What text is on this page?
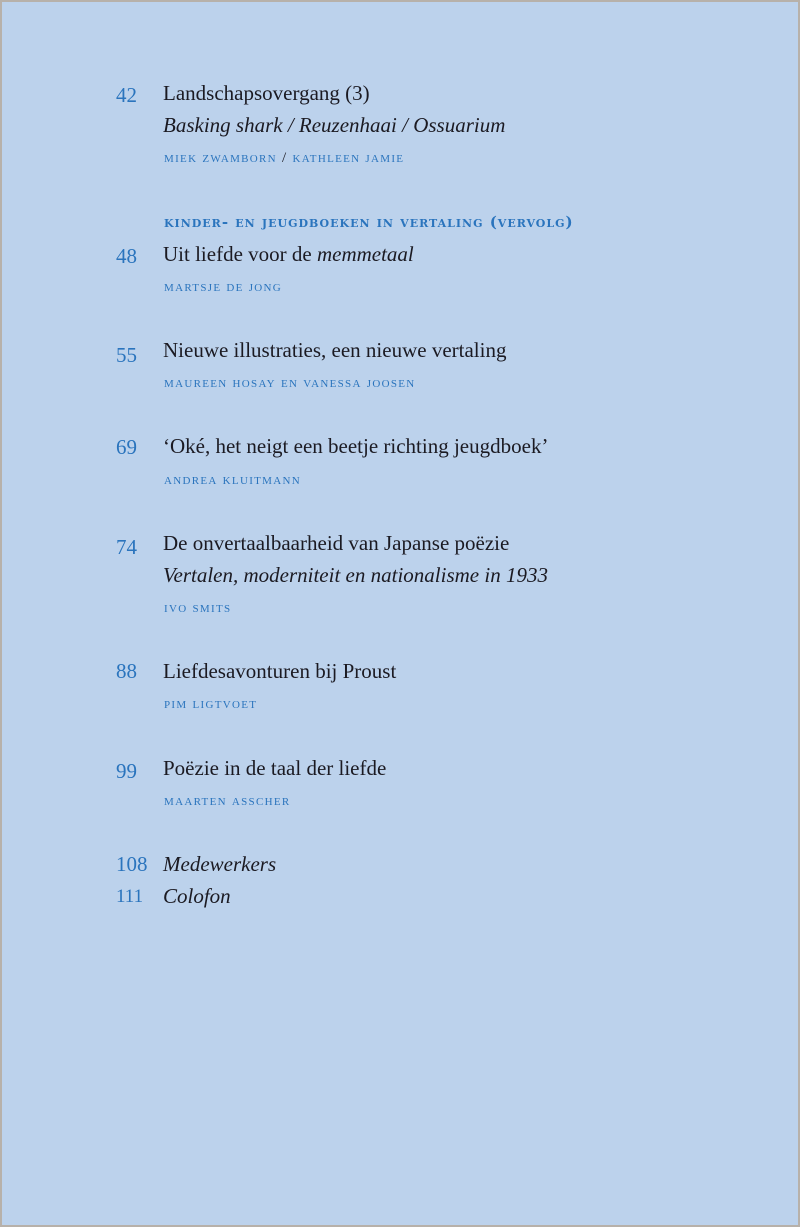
42 Landschapsovergang (3)
Basking shark / Reuzenhaai / Ossuarium
miek zwamborn / kathleen jamie
kinder- en jeugdboeken in vertaling (vervolg)
48 Uit liefde voor de memmetaal
martsje de jong
55 Nieuwe illustraties, een nieuwe vertaling
maureen hosay en vanessa joosen
69 ‘Oké, het neigt een beetje richting jeugdboek’
andrea kluitmann
74 De onvertaalbaarheid van Japanse poëzie
Vertalen, moderniteit en nationalisme in 1933
ivo smits
88 Liefdesavonturen bij Proust
pim ligtvoet
99 Poëzie in de taal der liefde
maarten asscher
108 Medewerkers
111 Colofon
